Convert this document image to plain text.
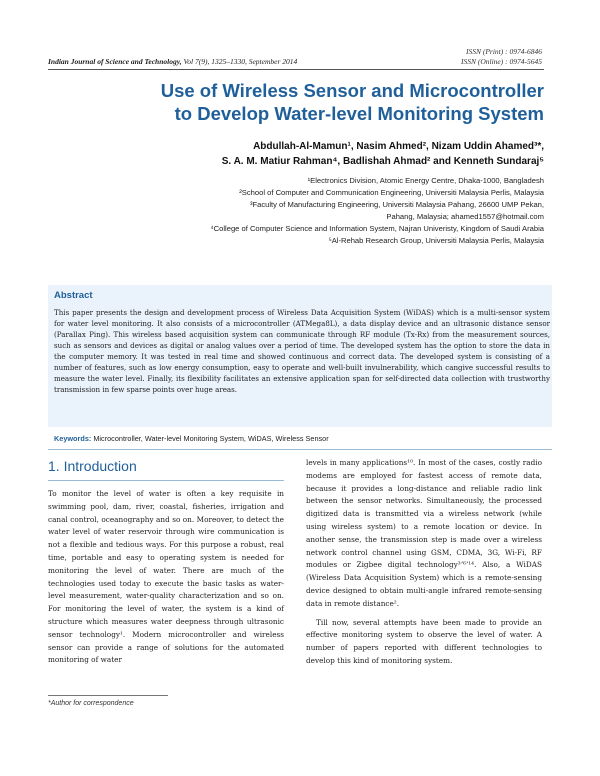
ISSN (Print) : 0974-6846
ISSN (Online) : 0974-5645
Indian Journal of Science and Technology, Vol 7(9), 1325–1330, September 2014
Use of Wireless Sensor and Microcontroller
to Develop Water-level Monitoring System
Abdullah-Al-Mamun¹, Nasim Ahmed², Nizam Uddin Ahamed³*,
S. A. M. Matiur Rahman⁴, Badlishah Ahmad² and Kenneth Sundaraj⁵
¹Electronics Division, Atomic Energy Centre, Dhaka-1000, Bangladesh
²School of Computer and Communication Engineering, Universiti Malaysia Perlis, Malaysia
³Faculty of Manufacturing Engineering, Universiti Malaysia Pahang, 26600 UMP Pekan,
Pahang, Malaysia; ahamed1557@hotmail.com
⁴College of Computer Science and Information System, Najran Univeristy, Kingdom of Saudi Arabia
⁵Al-Rehab Research Group, Universiti Malaysia Perlis, Malaysia
Abstract
This paper presents the design and development process of Wireless Data Acquisition System (WiDAS) which is a multi-sensor system for water level monitoring. It also consists of a microcontroller (ATMega8L), a data display device and an ultrasonic distance sensor (Parallax Ping). This wireless based acquisition system can communicate through RF module (Tx-Rx) from the measurement sources, such as sensors and devices as digital or analog values over a period of time. The developed system has the option to store the data in the computer memory. It was tested in real time and showed continuous and correct data. The developed system is consisting of a number of features, such as low energy consumption, easy to operate and well-built invulnerability, which cangive successful results to measure the water level. Finally, its flexibility facilitates an extensive application span for self-directed data collection with trustworthy transmission in few sparse points over huge areas.
Keywords: Microcontroller, Water-level Monitoring System, WiDAS, Wireless Sensor
1. Introduction

To monitor the level of water is often a key requisite in swimming pool, dam, river, coastal, fisheries, irrigation and canal control, oceanography and so on. Moreover, to detect the water level of water reservoir through wire communication is not a flexible and tedious ways. For this purpose a robust, real time, portable and easy to operating system is needed for monitoring the level of water. There are much of the technologies used today to execute the basic tasks as water-level measurement, water-quality characterization and so on. For monitoring the level of water, the system is a kind of structure which measures water deepness through ultrasonic sensor technology¹. Modern microcontroller and wireless sensor can provide a range of solutions for the automated monitoring of water

levels in many applications¹⁰. In most of the cases, costly radio modems are employed for fastest access of remote data, because it provides a long-distance and reliable radio link between the sensor networks. Simultaneously, the processed digitized data is transmitted via a wireless network (while using wireless system) to a remote location or device. In another sense, the transmission step is made over a wireless network control channel using GSM, CDMA, 3G, Wi-Fi, RF modules or Zigbee digital technology³ʼ⁶ʼ¹⁴. Also, a WiDAS (Wireless Data Acquisition System) which is a remote-sensing device designed to obtain multi-angle infrared remote-sensing data in remote distance².

Till now, several attempts have been made to provide an effective monitoring system to observe the level of water. A number of papers reported with different technologies to develop this kind of monitoring system.

*Author for correspondence
